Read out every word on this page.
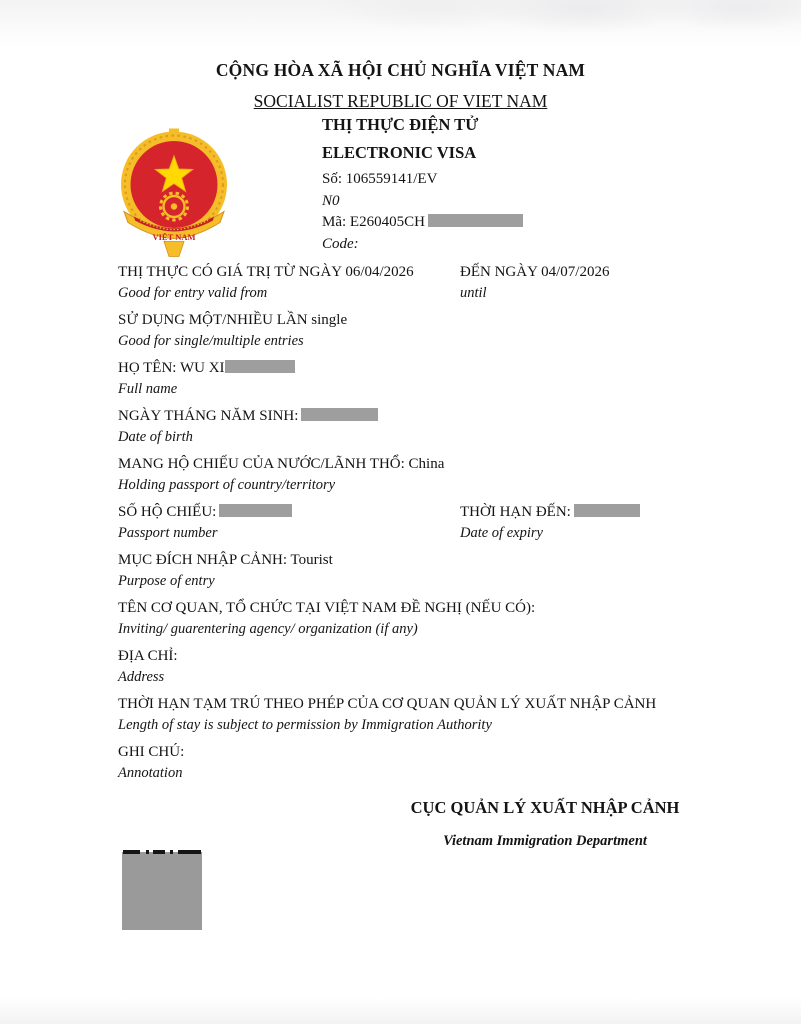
CỘNG HÒA XÃ HỘI CHỦ NGHĨA VIỆT NAM
SOCIALIST REPUBLIC OF VIET NAM
VIỆT NAM
THỊ THỰC ĐIỆN TỬ
ELECTRONIC VISA
Số: 106559141/EV
N0
Mã: E260405CH
Code:
THỊ THỰC CÓ GIÁ TRỊ TỪ NGÀY 06/04/2026
Good for entry valid from
ĐẾN NGÀY 04/07/2026
until
SỬ DỤNG MỘT/NHIỀU LẦN single
Good for single/multiple entries
HỌ TÊN: WU XI
Full name
NGÀY THÁNG NĂM SINH:
Date of birth
MANG HỘ CHIẾU CỦA NƯỚC/LÃNH THỔ: China
Holding passport of country/territory
SỐ HỘ CHIẾU:
Passport number
THỜI HẠN ĐẾN:
Date of expiry
MỤC ĐÍCH NHẬP CẢNH: Tourist
Purpose of entry
TÊN CƠ QUAN, TỔ CHỨC TẠI VIỆT NAM ĐỀ NGHỊ (NẾU CÓ):
Inviting/ guarentering agency/ organization (if any)
ĐỊA CHỈ:
Address
THỜI HẠN TẠM TRÚ THEO PHÉP CỦA CƠ QUAN QUẢN LÝ XUẤT NHẬP CẢNH
Length of stay is subject to permission by Immigration Authority
GHI CHÚ:
Annotation
CỤC QUẢN LÝ XUẤT NHẬP CẢNH
Vietnam Immigration Department
